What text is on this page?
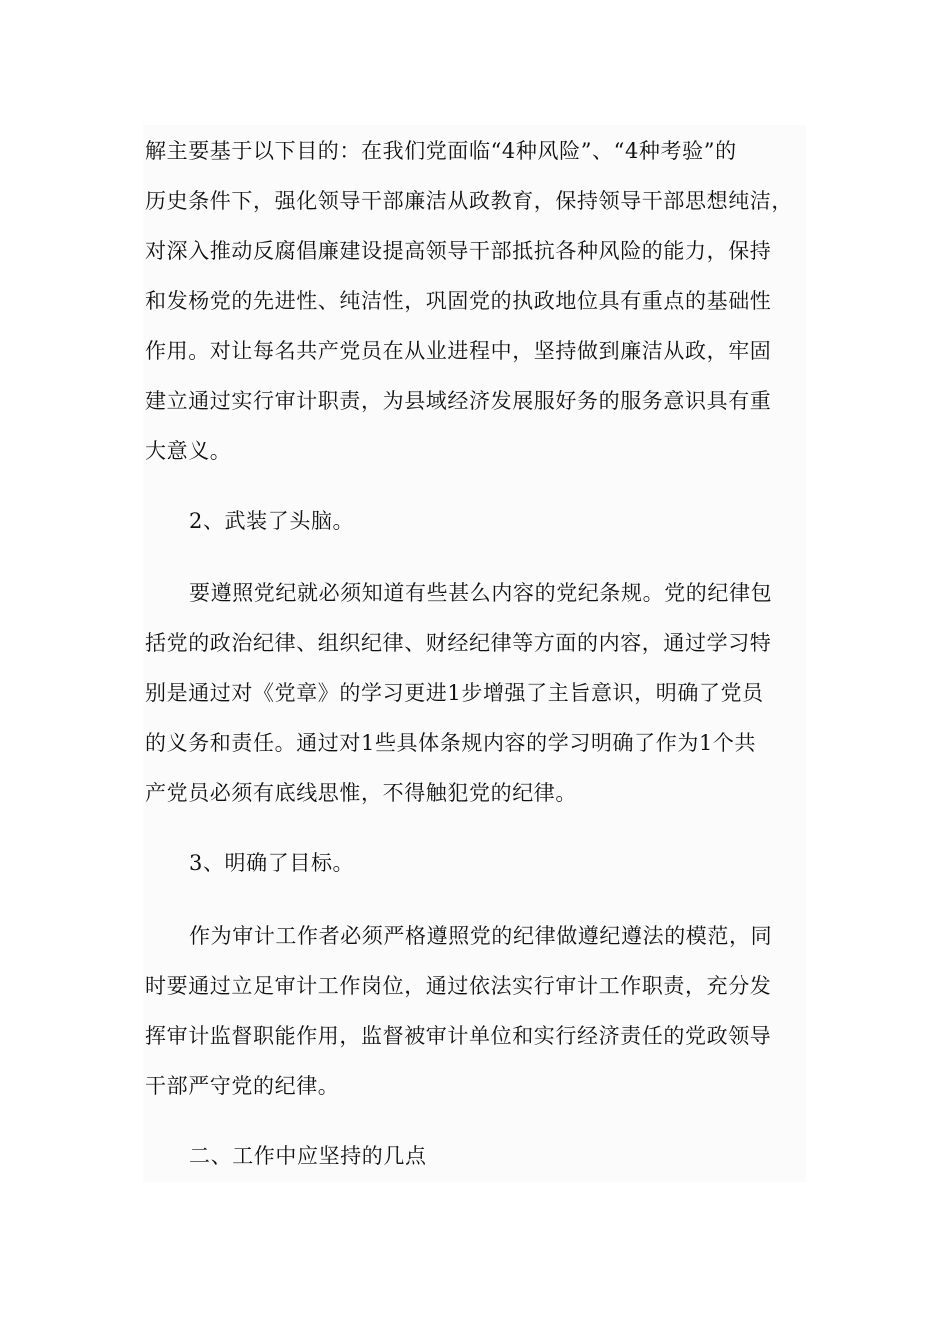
解主要基于以下目的：在我们党面临“4种风险”、“4种考验”的
历史条件下，强化领导干部廉洁从政教育，保持领导干部思想纯洁，
对深入推动反腐倡廉建设提高领导干部抵抗各种风险的能力，保持
和发杨党的先进性、纯洁性，巩固党的执政地位具有重点的基础性
作用。对让每名共产党员在从业进程中，坚持做到廉洁从政，牢固
建立通过实行审计职责，为县域经济发展服好务的服务意识具有重
大意义。
2、武装了头脑。
要遵照党纪就必须知道有些甚么内容的党纪条规。党的纪律包
括党的政治纪律、组织纪律、财经纪律等方面的内容，通过学习特
别是通过对《党章》的学习更进1步增强了主旨意识，明确了党员
的义务和责任。通过对1些具体条规内容的学习明确了作为1个共
产党员必须有底线思惟，不得触犯党的纪律。
3、明确了目标。
作为审计工作者必须严格遵照党的纪律做遵纪遵法的模范，同
时要通过立足审计工作岗位，通过依法实行审计工作职责，充分发
挥审计监督职能作用，监督被审计单位和实行经济责任的党政领导
干部严守党的纪律。
二、工作中应坚持的几点
